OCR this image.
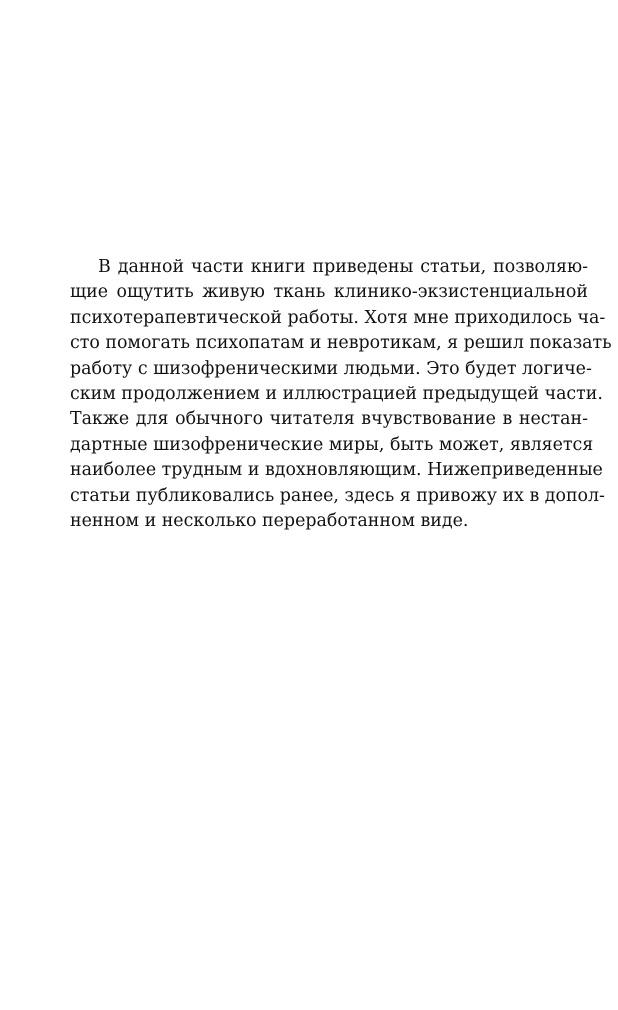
В данной части книги приведены статьи, позволяю-
щие ощутить живую ткань клинико-экзистенциальной
психотерапевтической работы. Хотя мне приходилось ча-
сто помогать психопатам и невротикам, я решил показать
работу с шизофреническими людьми. Это будет логиче-
ским продолжением и иллюстрацией предыдущей части.
Также для обычного читателя вчувствование в нестан-
дартные шизофренические миры, быть может, является
наиболее трудным и вдохновляющим. Нижеприведенные
статьи публиковались ранее, здесь я привожу их в допол-
ненном и несколько переработанном виде.
